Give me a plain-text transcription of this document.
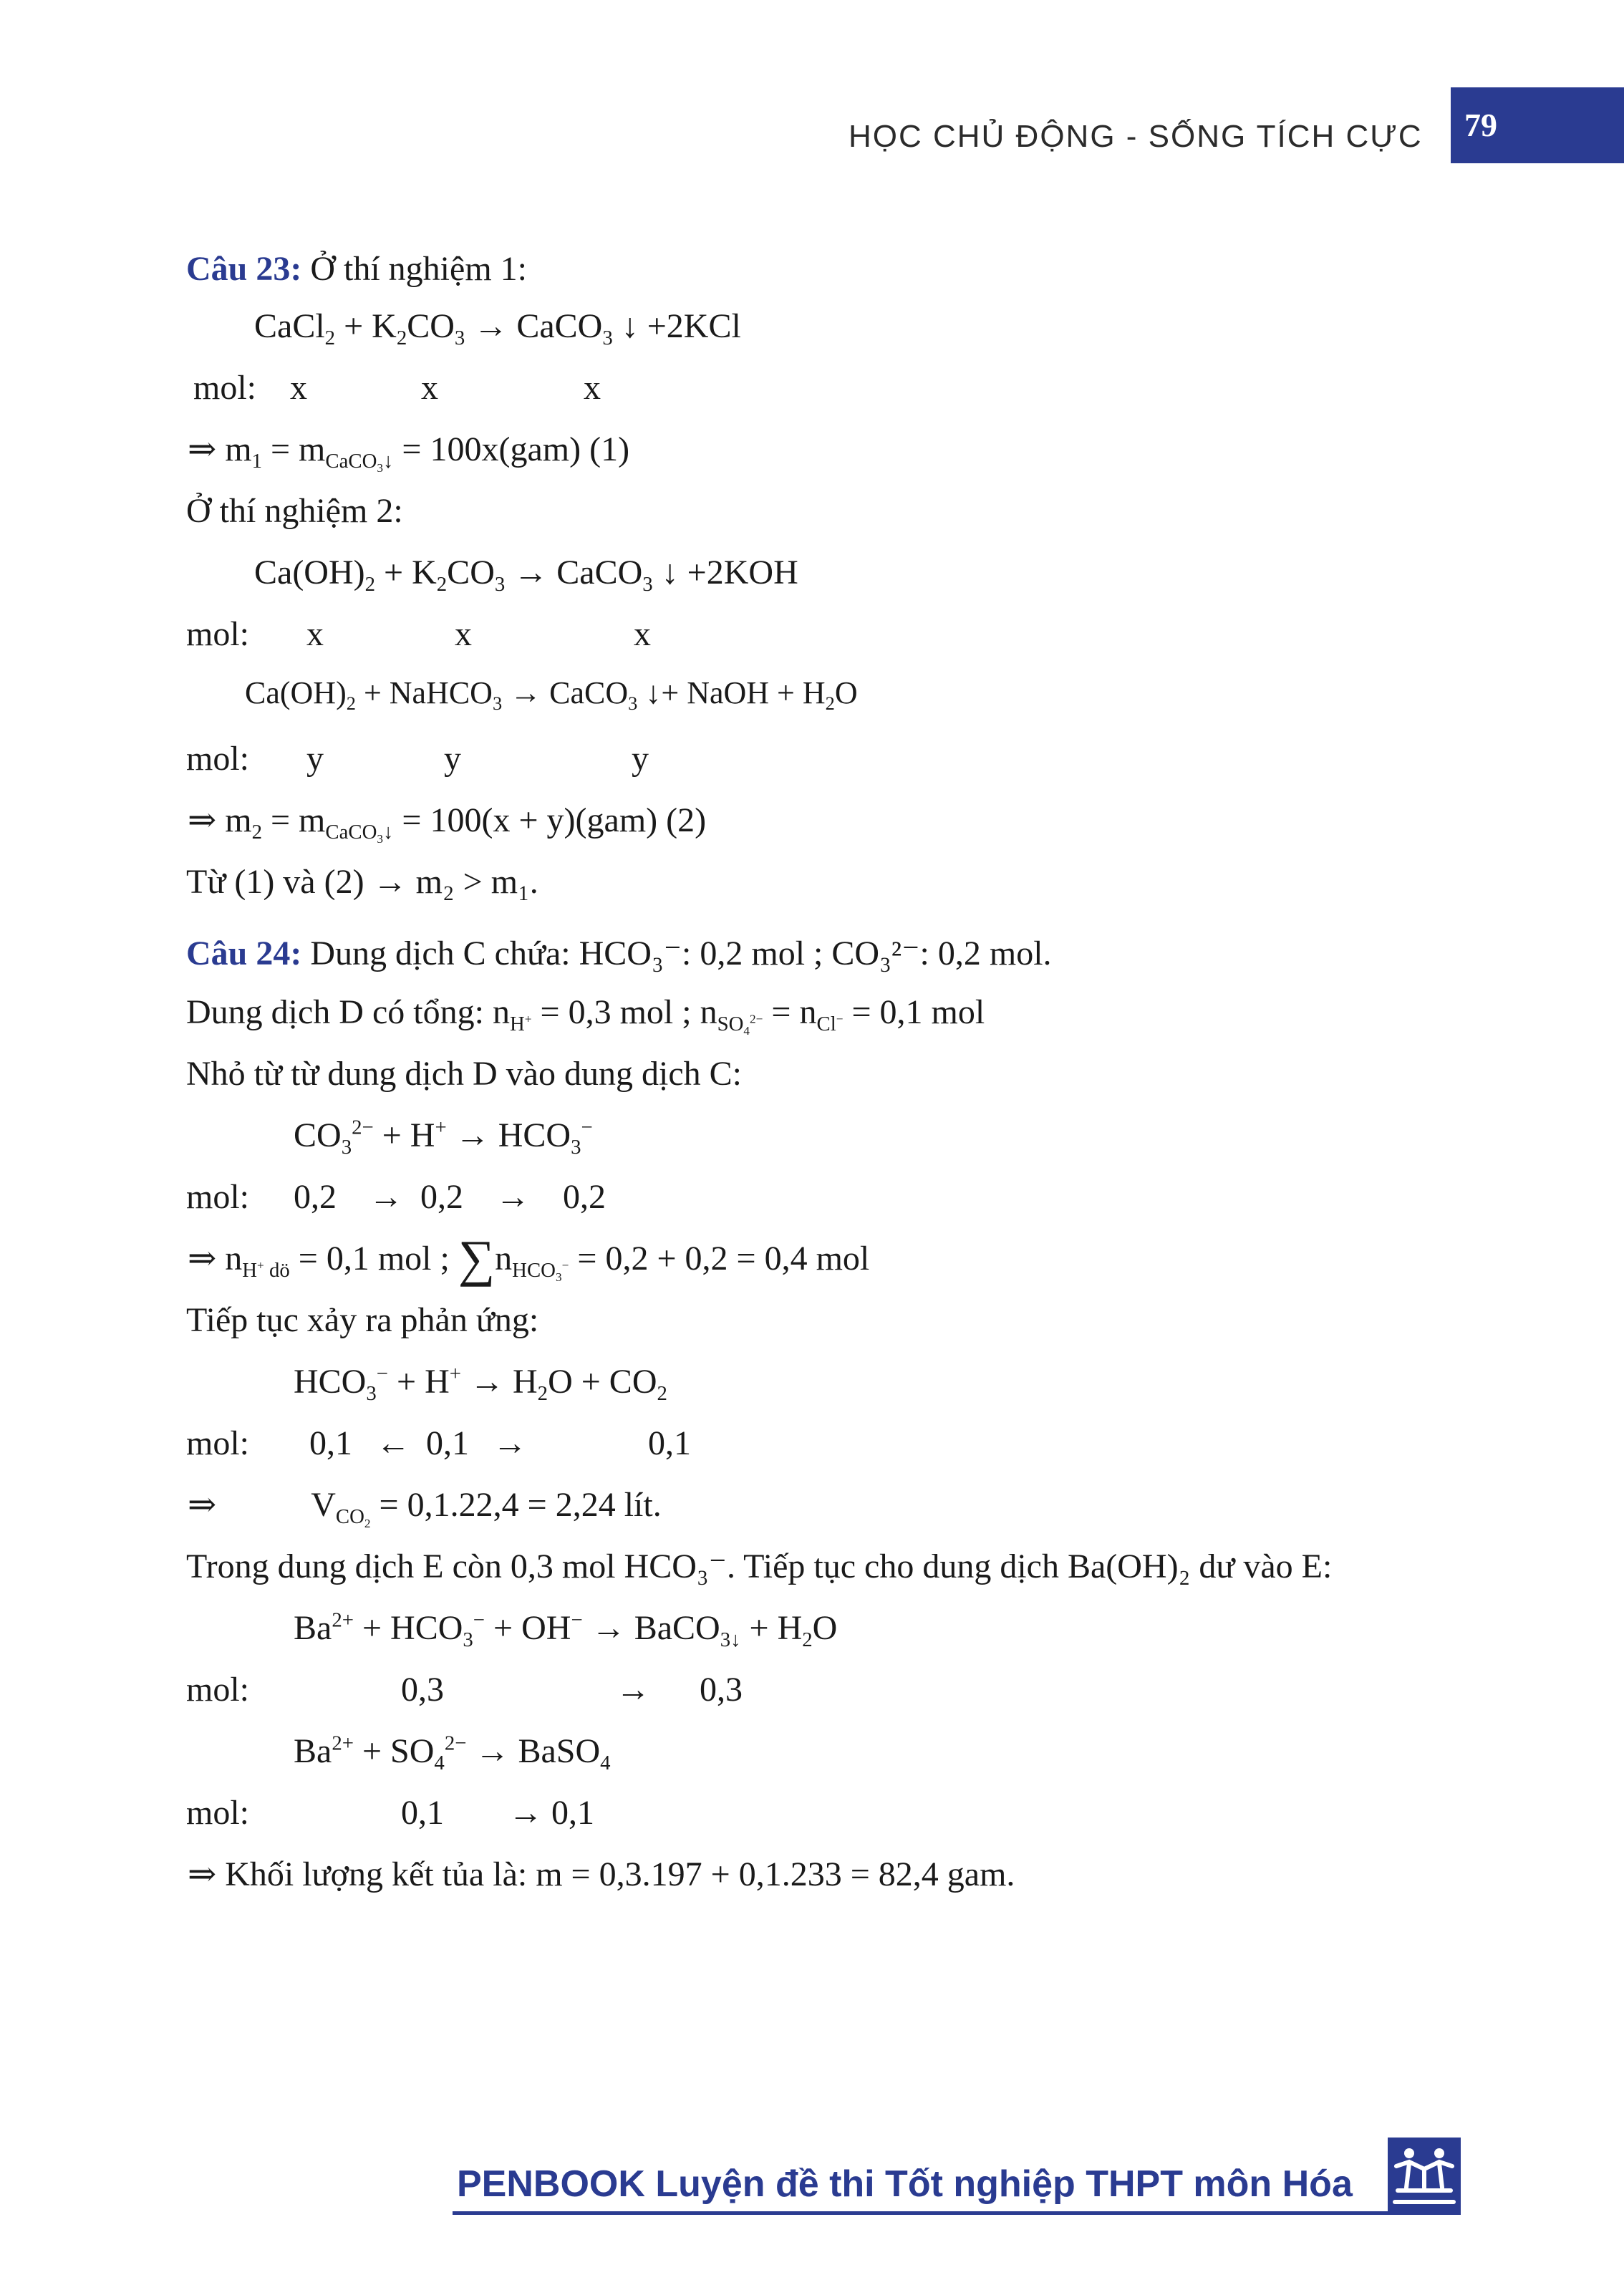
HỌC CHỦ ĐỘNG - SỐNG TÍCH CỰC 79
Câu 23: Ở thí nghiệm 1:
CaCl$_2$ + $K_2CO_3$ → CaCO$_3$ ↓ +2KCl
mol: x	x	x
⇒ $m_1 = m_{CaCO_3↓} = 100x(gam)$ (1)
Ở thí nghiệm 2:
$Ca(OH)_2 + K_2CO_3$ → CaCO$_3$ ↓ +2KOH
mol: x	x	x
$Ca(OH)_2$ + NaHCO$_3$ → CaCO$_3$ ↓+ NaOH + $H_2O$
mol: y	y	y
⇒ $m_2 = m_{CaCO_3↓} = 100(x + y)(gam)$ (2)
Từ (1) và (2) → m₂ > m₁.
Câu 24: Dung dịch C chứa: HCO₃⁻: 0,2 mol ; CO₃²⁻: 0,2 mol.
Dung dịch D có tổng: $n_{H^+} = 0,3$ mol ; $n_{SO_4^{2-}} = n_{Cl^-} = 0,1$ mol
Nhỏ từ từ dung dịch D vào dung dịch C:
$CO_3^{2-} + H^+ \to HCO_3^-$
mol: 0,2 → 0,2 → 0,2
⇒ $n_{H^+ dö} = 0,1$ mol ; $\sum n_{HCO_3^-} = 0,2 + 0,2 = 0,4$ mol
Tiếp tục xảy ra phản ứng:
$HCO_3^- + H^+ \to H_2O + CO_2$
mol: 0,1 ← 0,1 →	0,1
⇒	$V_{CO_2} = 0,1.22,4 = 2,24$ lít.
Trong dung dịch E còn 0,3 mol HCO₃⁻. Tiếp tục cho dung dịch Ba(OH)₂ dư vào E:
$Ba^{2+} + HCO_3^- + OH^-$ → BaCO$_{3↓}$ + $H_2O$
mol:	0,3	→ 0,3
$Ba^{2+} + SO_4^{2-}$ → BaSO$_4$
mol:	0,1 → 0,1
⇒ Khối lượng kết tủa là: m = 0,3.197 + 0,1.233 = 82,4 gam.
PENBOOK Luyện đề thi Tốt nghiệp THPT môn Hóa
